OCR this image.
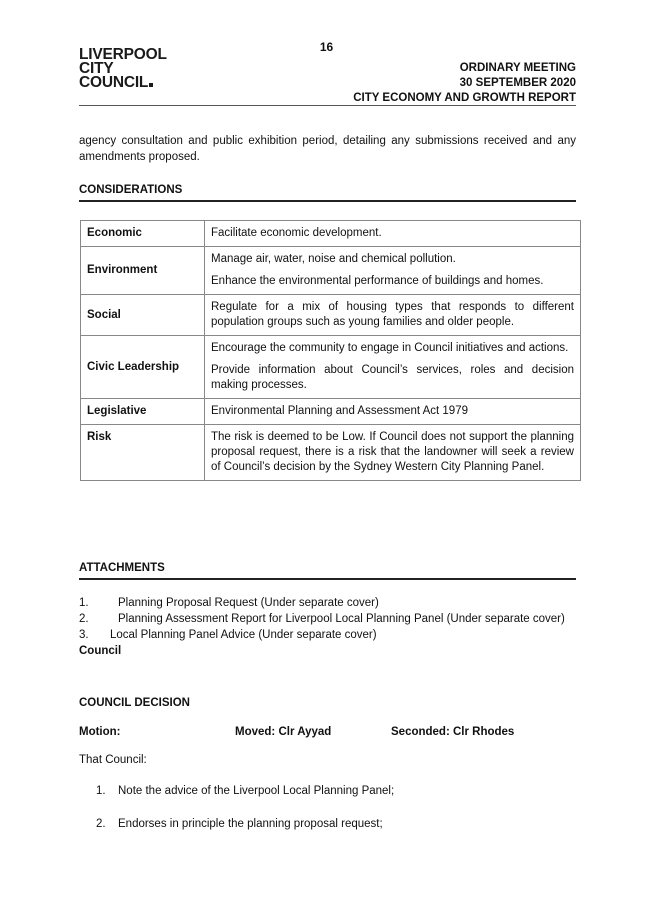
16
LIVERPOOL
CITY
COUNCIL
ORDINARY MEETING
30 SEPTEMBER 2020
CITY ECONOMY AND GROWTH REPORT
agency consultation and public exhibition period, detailing any submissions received and any amendments proposed.
CONSIDERATIONS
Economic	Facilitate economic development.

Environment	Manage air, water, noise and chemical pollution.

Enhance the environmental performance of buildings and homes.

Social	Regulate for a mix of housing types that responds to different population groups such as young families and older people.

Civic Leadership	Encourage the community to engage in Council initiatives and actions.

Provide information about Council’s services, roles and decision making processes.

Legislative	Environmental Planning and Assessment Act 1979

Risk	The risk is deemed to be Low. If Council does not support the planning proposal request, there is a risk that the landowner will seek a review of Council’s decision by the Sydney Western City Planning Panel.

ATTACHMENTS
1.	Planning Proposal Request (Under separate cover)
2.	Planning Assessment Report for Liverpool Local Planning Panel (Under separate cover)
3. Local Planning Panel Advice (Under separate cover)
Council
COUNCIL DECISION
Motion:	Moved: Clr Ayyad	Seconded: Clr Rhodes
That Council:
1. Note the advice of the Liverpool Local Planning Panel;
2. Endorses in principle the planning proposal request;
